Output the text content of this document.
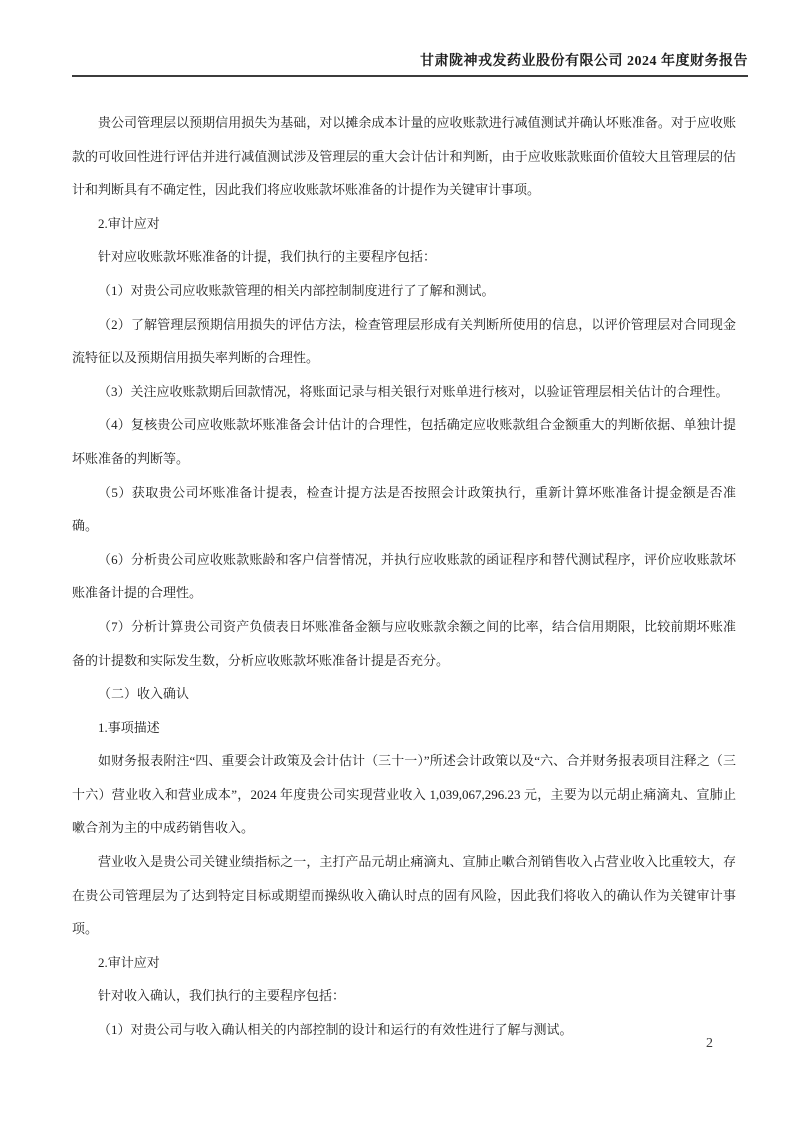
甘肃陇神戎发药业股份有限公司 2024 年度财务报告

贵公司管理层以预期信用损失为基础，对以摊余成本计量的应收账款进行减值测试并确认坏账准备。对于应收账款的可收回性进行评估并进行减值测试涉及管理层的重大会计估计和判断，由于应收账款账面价值较大且管理层的估计和判断具有不确定性，因此我们将应收账款坏账准备的计提作为关键审计事项。

2.审计应对

针对应收账款坏账准备的计提，我们执行的主要程序包括：

（1）对贵公司应收账款管理的相关内部控制制度进行了了解和测试。

（2）了解管理层预期信用损失的评估方法，检查管理层形成有关判断所使用的信息，以评价管理层对合同现金流特征以及预期信用损失率判断的合理性。

（3）关注应收账款期后回款情况，将账面记录与相关银行对账单进行核对，以验证管理层相关估计的合理性。

（4）复核贵公司应收账款坏账准备会计估计的合理性，包括确定应收账款组合金额重大的判断依据、单独计提坏账准备的判断等。

（5）获取贵公司坏账准备计提表，检查计提方法是否按照会计政策执行，重新计算坏账准备计提金额是否准确。

（6）分析贵公司应收账款账龄和客户信誉情况，并执行应收账款的函证程序和替代测试程序，评价应收账款坏账准备计提的合理性。

（7）分析计算贵公司资产负债表日坏账准备金额与应收账款余额之间的比率，结合信用期限，比较前期坏账准备的计提数和实际发生数，分析应收账款坏账准备计提是否充分。

（二）收入确认

1.事项描述

如财务报表附注“四、重要会计政策及会计估计（三十一）”所述会计政策以及“六、合并财务报表项目注释之（三十六）营业收入和营业成本”，2024 年度贵公司实现营业收入 1,039,067,296.23 元，主要为以元胡止痛滴丸、宣肺止嗽合剂为主的中成药销售收入。

营业收入是贵公司关键业绩指标之一，主打产品元胡止痛滴丸、宣肺止嗽合剂销售收入占营业收入比重较大，存在贵公司管理层为了达到特定目标或期望而操纵收入确认时点的固有风险，因此我们将收入的确认作为关键审计事项。

2.审计应对

针对收入确认，我们执行的主要程序包括：

（1）对贵公司与收入确认相关的内部控制的设计和运行的有效性进行了解与测试。

2
